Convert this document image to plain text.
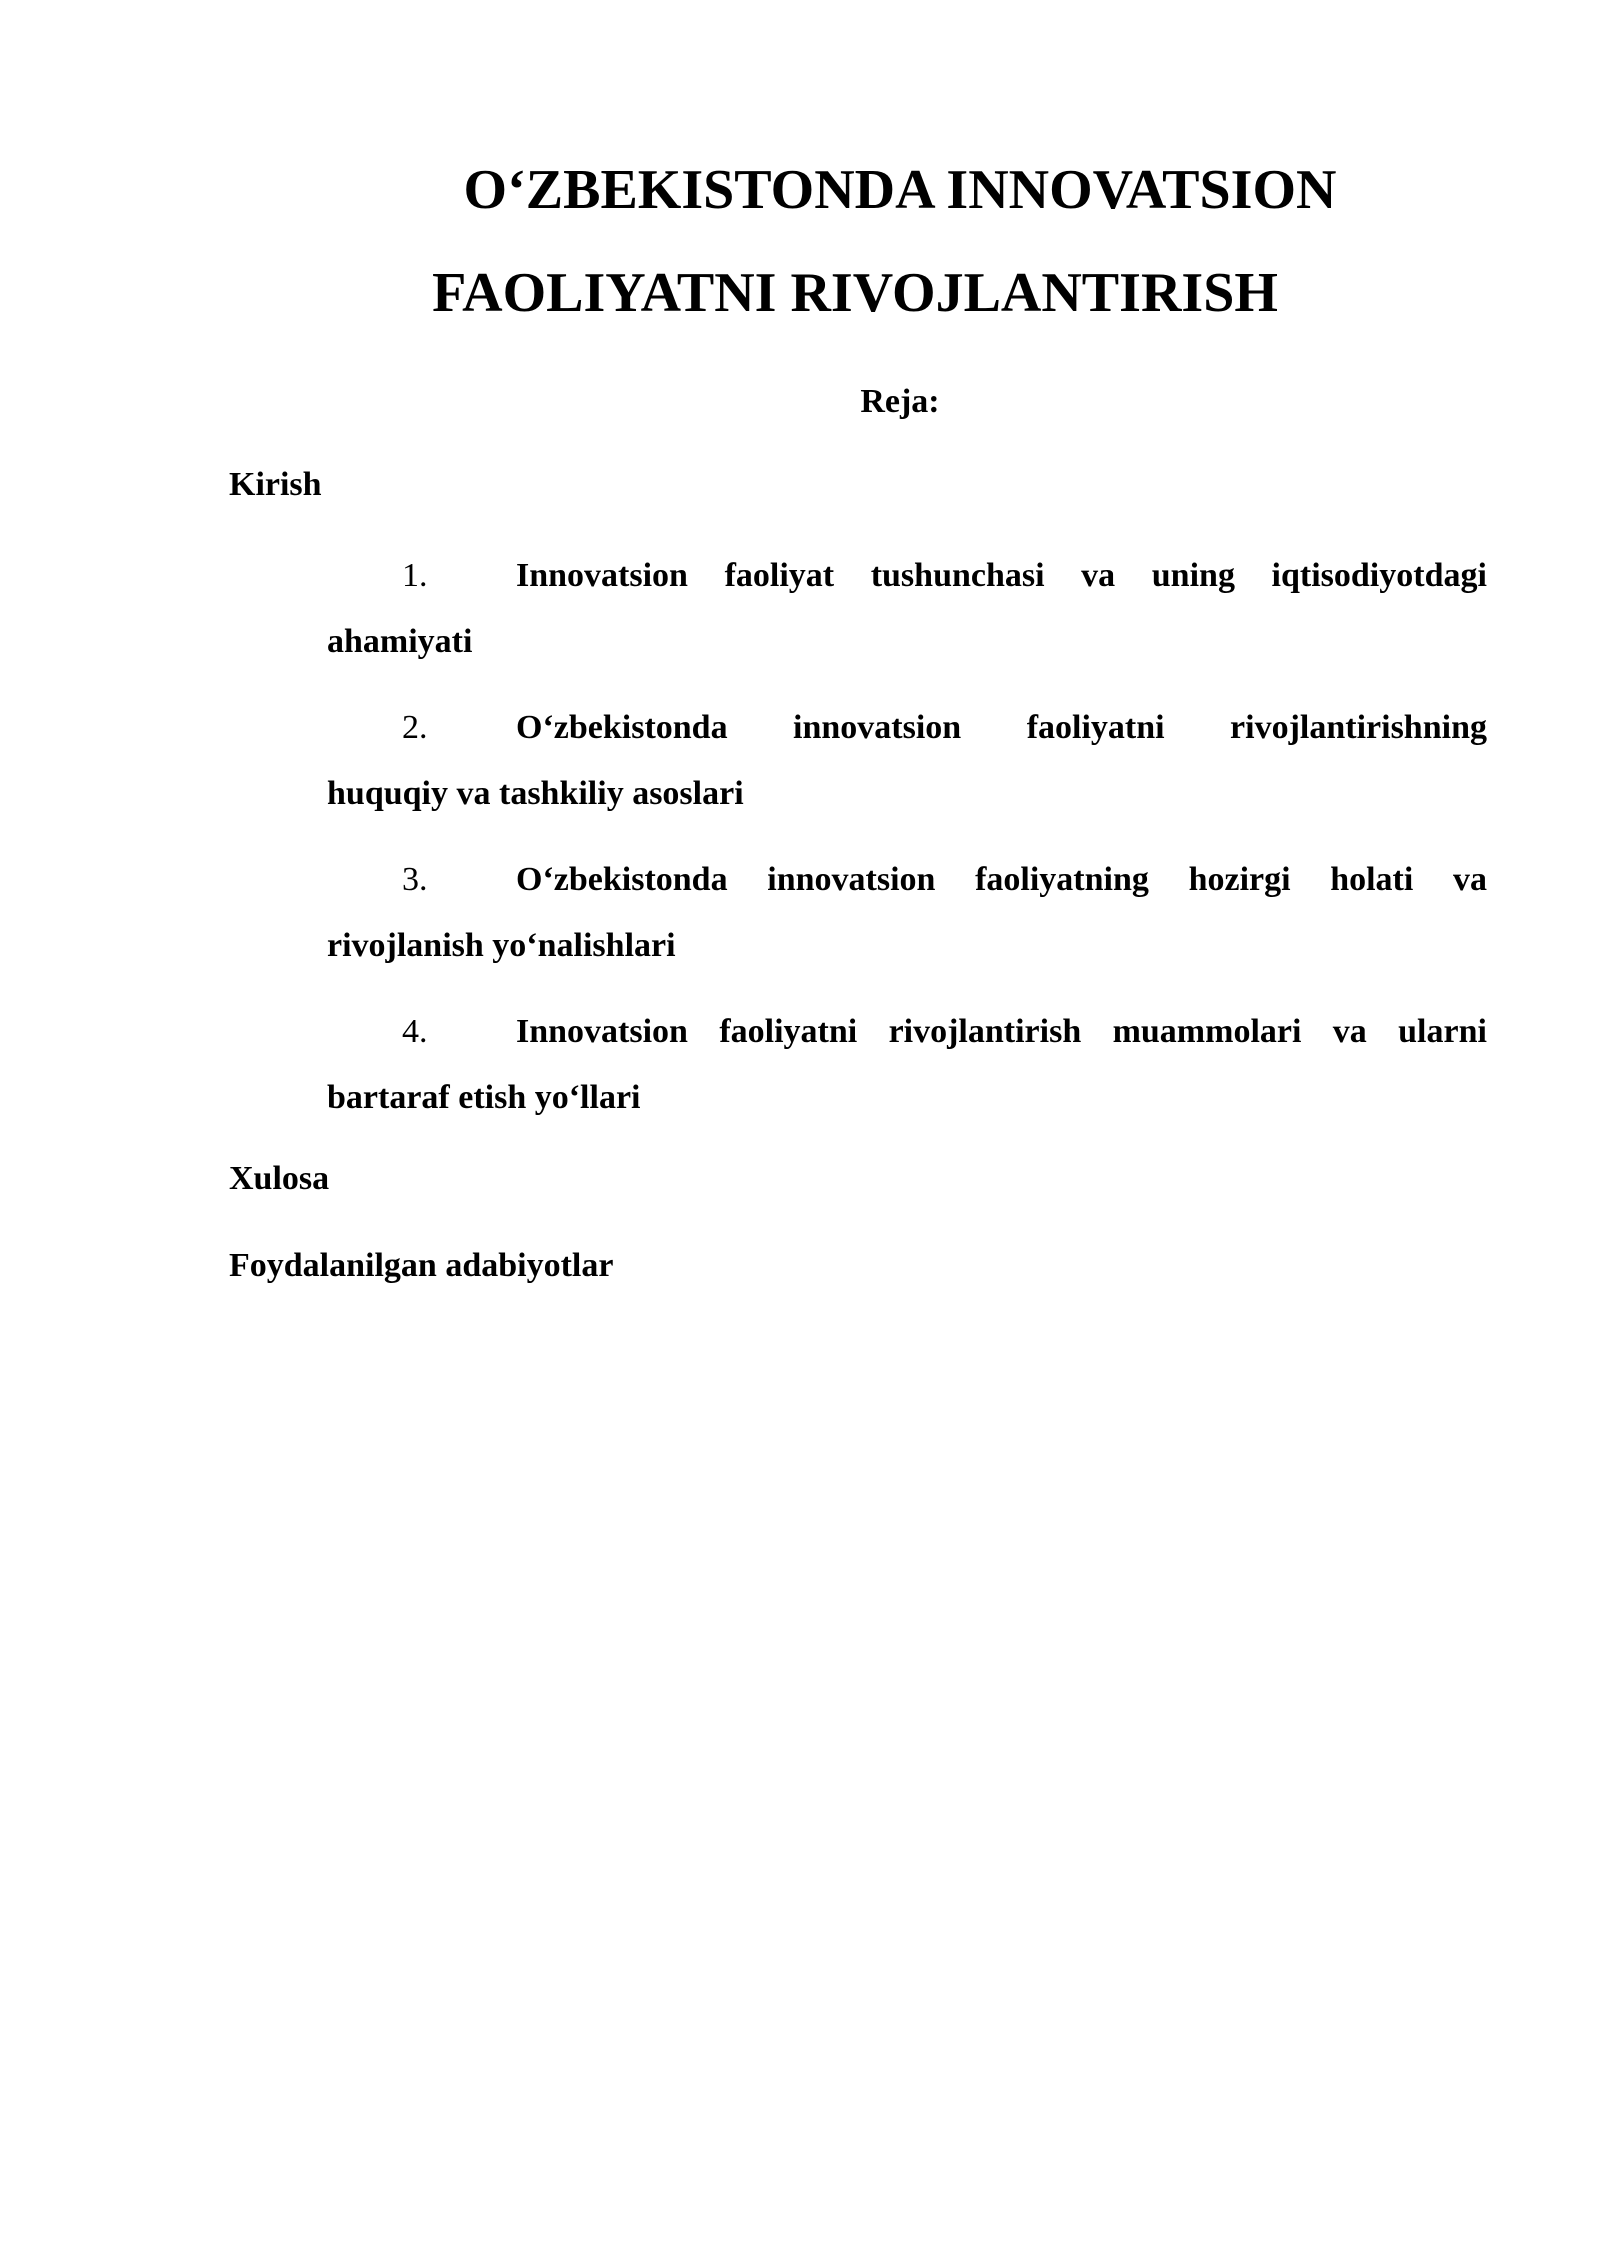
O‘ZBEKISTONDA INNOVATSION
FAOLIYATNI RIVOJLANTIRISH

Reja:

Kirish

1.	Innovatsion faoliyat tushunchasi va uning iqtisodiyotdagi
ahamiyati
2.	O‘zbekistonda innovatsion faoliyatni rivojlantirishning
huquqiy va tashkiliy asoslari
3.	O‘zbekistonda innovatsion faoliyatning hozirgi holati va
rivojlanish yo‘nalishlari
4.	Innovatsion faoliyatni rivojlantirish muammolari va ularni
bartaraf etish yo‘llari

Xulosa

Foydalanilgan adabiyotlar
